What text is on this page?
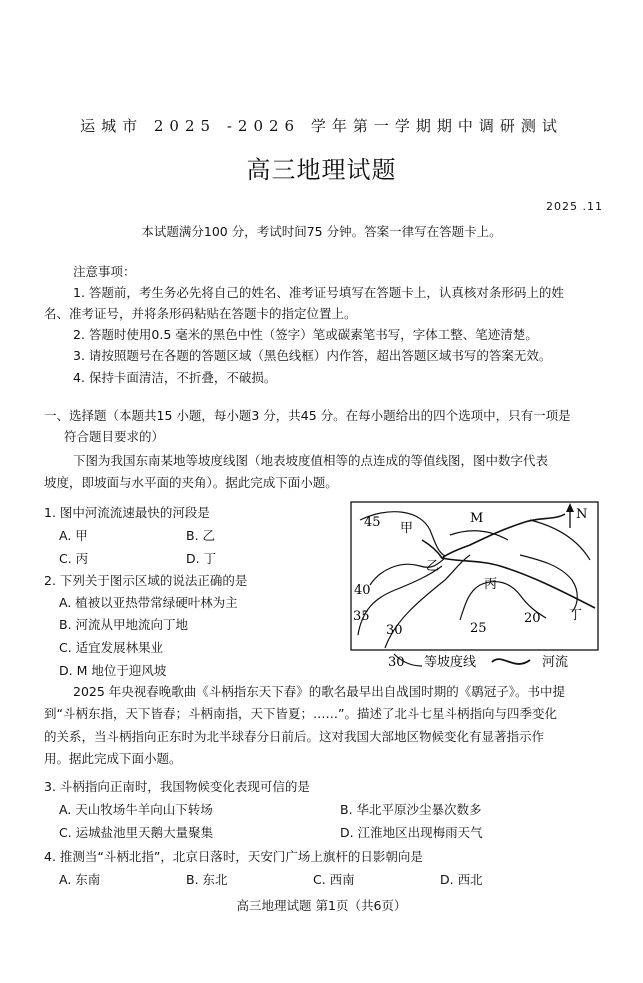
运城市 2025 -2026 学年第一学期期中调研测试
高三地理试题
2025 .11
本试题满分100 分，考试时间75 分钟。答案一律写在答题卡上。
注意事项：
1. 答题前，考生务必先将自己的姓名、准考证号填写在答题卡上，认真核对条形码上的姓
名、准考证号，并将条形码粘贴在答题卡的指定位置上。
2. 答题时使用0.5 毫米的黑色中性（签字）笔或碳素笔书写，字体工整、笔迹清楚。
3. 请按照题号在各题的答题区域（黑色线框）内作答，超出答题区域书写的答案无效。
4. 保持卡面清洁，不折叠，不破损。
一、选择题（本题共15 小题，每小题3 分，共45 分。在每小题给出的四个选项中，只有一项是
符合题目要求的）
下图为我国东南某地等坡度线图（地表坡度值相等的点连成的等值线图，图中数字代表
坡度，即坡面与水平面的夹角）。据此完成下面小题。
1. 图中河流流速最快的河段是
A. 甲	B. 乙
C. 丙	D. 丁
2. 下列关于图示区域的说法正确的是
A. 植被以亚热带常绿硬叶林为主
B. 河流从甲地流向丁地
C. 适宜发展林果业
D. M 地位于迎风坡
45 甲
M	N
40
乙
丙
35
30	25
20 丁
30 等坡度线	河流
2025 年央视春晚歌曲《斗柄指东天下春》的歌名最早出自战国时期的《鹖冠子》。书中提
到“斗柄东指，天下皆春；斗柄南指，天下皆夏；……”。描述了北斗七星斗柄指向与四季变化
的关系，当斗柄指向正东时为北半球春分日前后。这对我国大部地区物候变化有显著指示作
用。据此完成下面小题。
3. 斗柄指向正南时，我国物候变化表现可信的是
A. 天山牧场牛羊向山下转场	B. 华北平原沙尘暴次数多
C. 运城盐池里天鹅大量聚集	D. 江淮地区出现梅雨天气
4. 推测当“斗柄北指”，北京日落时，天安门广场上旗杆的日影朝向是
A. 东南	B. 东北	C. 西南	D. 西北
高三地理试题 第1页（共6页）
